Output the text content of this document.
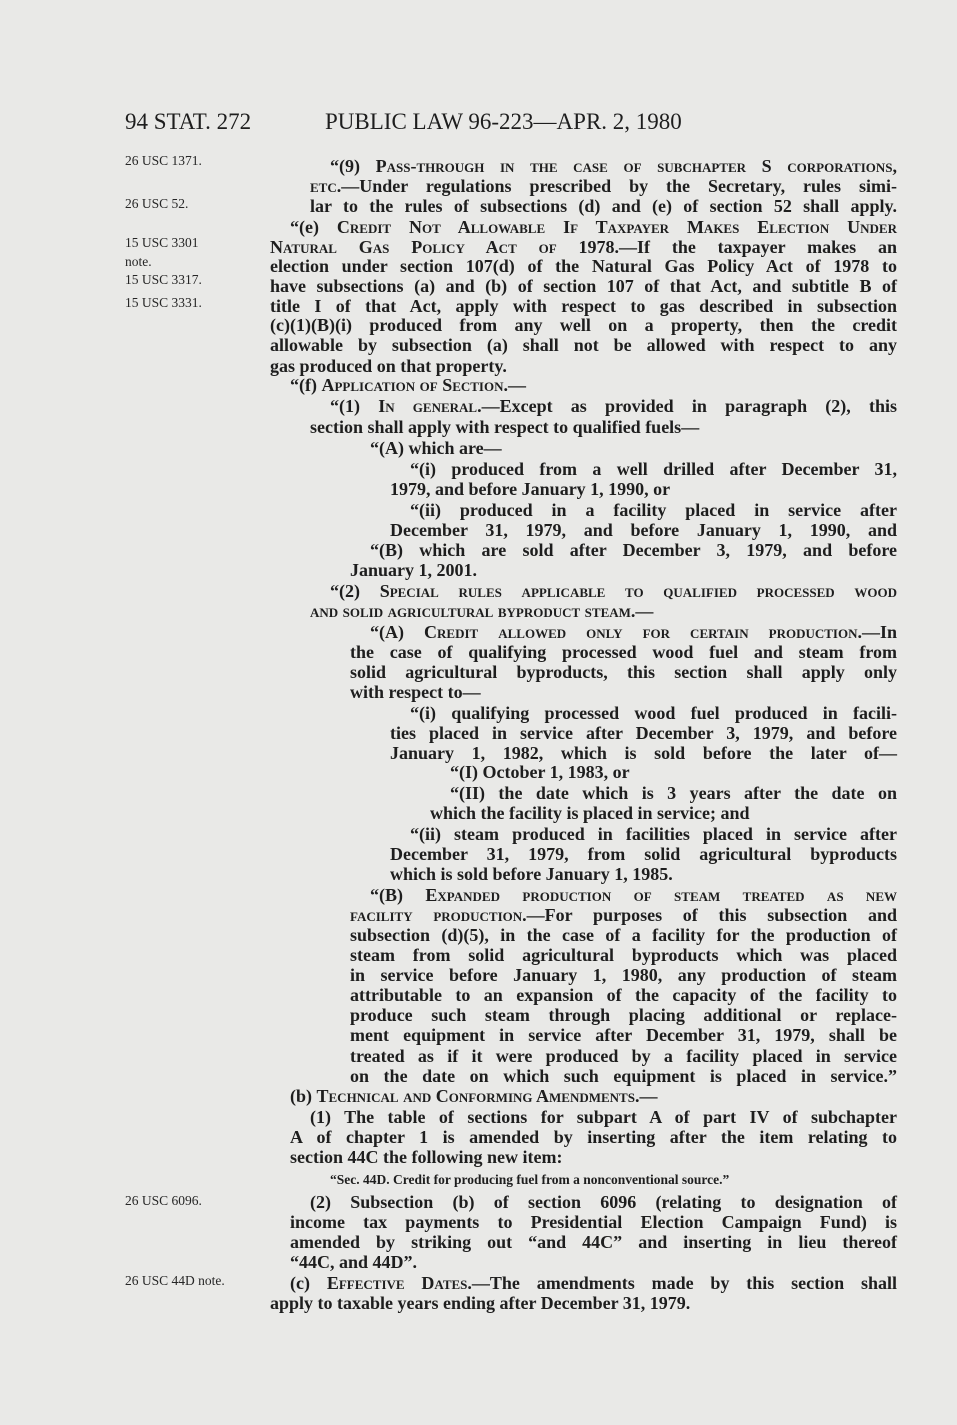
94 STAT. 272	PUBLIC LAW 96-223—APR. 2, 1980
26 USC 1371.
26 USC 52.
15 USC 3301
note.
15 USC 3317.
15 USC 3331.
26 USC 6096.
26 USC 44D note.
“(9) Pass-through in the case of subchapter S corporations,
etc.—Under regulations prescribed by the Secretary, rules simi-
lar to the rules of subsections (d) and (e) of section 52 shall apply.
“(e) Credit Not Allowable If Taxpayer Makes Election Under
Natural Gas Policy Act of 1978.—If the taxpayer makes an
election under section 107(d) of the Natural Gas Policy Act of 1978 to
have subsections (a) and (b) of section 107 of that Act, and subtitle B of
title I of that Act, apply with respect to gas described in subsection
(c)(1)(B)(i) produced from any well on a property, then the credit
allowable by subsection (a) shall not be allowed with respect to any
gas produced on that property.
“(f) Application of Section.—
“(1) In general.—Except as provided in paragraph (2), this
section shall apply with respect to qualified fuels—
“(A) which are—
“(i) produced from a well drilled after December 31,
1979, and before January 1, 1990, or
“(ii) produced in a facility placed in service after
December 31, 1979, and before January 1, 1990, and
“(B) which are sold after December 3, 1979, and before
January 1, 2001.
“(2) Special rules applicable to qualified processed wood
and solid agricultural byproduct steam.—
“(A) Credit allowed only for certain production.—In
the case of qualifying processed wood fuel and steam from
solid agricultural byproducts, this section shall apply only
with respect to—
“(i) qualifying processed wood fuel produced in facili-
ties placed in service after December 3, 1979, and before
January 1, 1982, which is sold before the later of—
“(I) October 1, 1983, or
“(II) the date which is 3 years after the date on
which the facility is placed in service; and
“(ii) steam produced in facilities placed in service after
December 31, 1979, from solid agricultural byproducts
which is sold before January 1, 1985.
“(B) Expanded production of steam treated as new
facility production.—For purposes of this subsection and
subsection (d)(5), in the case of a facility for the production of
steam from solid agricultural byproducts which was placed
in service before January 1, 1980, any production of steam
attributable to an expansion of the capacity of the facility to
produce such steam through placing additional or replace-
ment equipment in service after December 31, 1979, shall be
treated as if it were produced by a facility placed in service
on the date on which such equipment is placed in service.”
(b) Technical and Conforming Amendments.—
(1) The table of sections for subpart A of part IV of subchapter
A of chapter 1 is amended by inserting after the item relating to
section 44C the following new item:
“Sec. 44D. Credit for producing fuel from a nonconventional source.”
(2) Subsection (b) of section 6096 (relating to designation of
income tax payments to Presidential Election Campaign Fund) is
amended by striking out “and 44C” and inserting in lieu thereof
“44C, and 44D”.
(c) Effective Dates.—The amendments made by this section shall
apply to taxable years ending after December 31, 1979.
